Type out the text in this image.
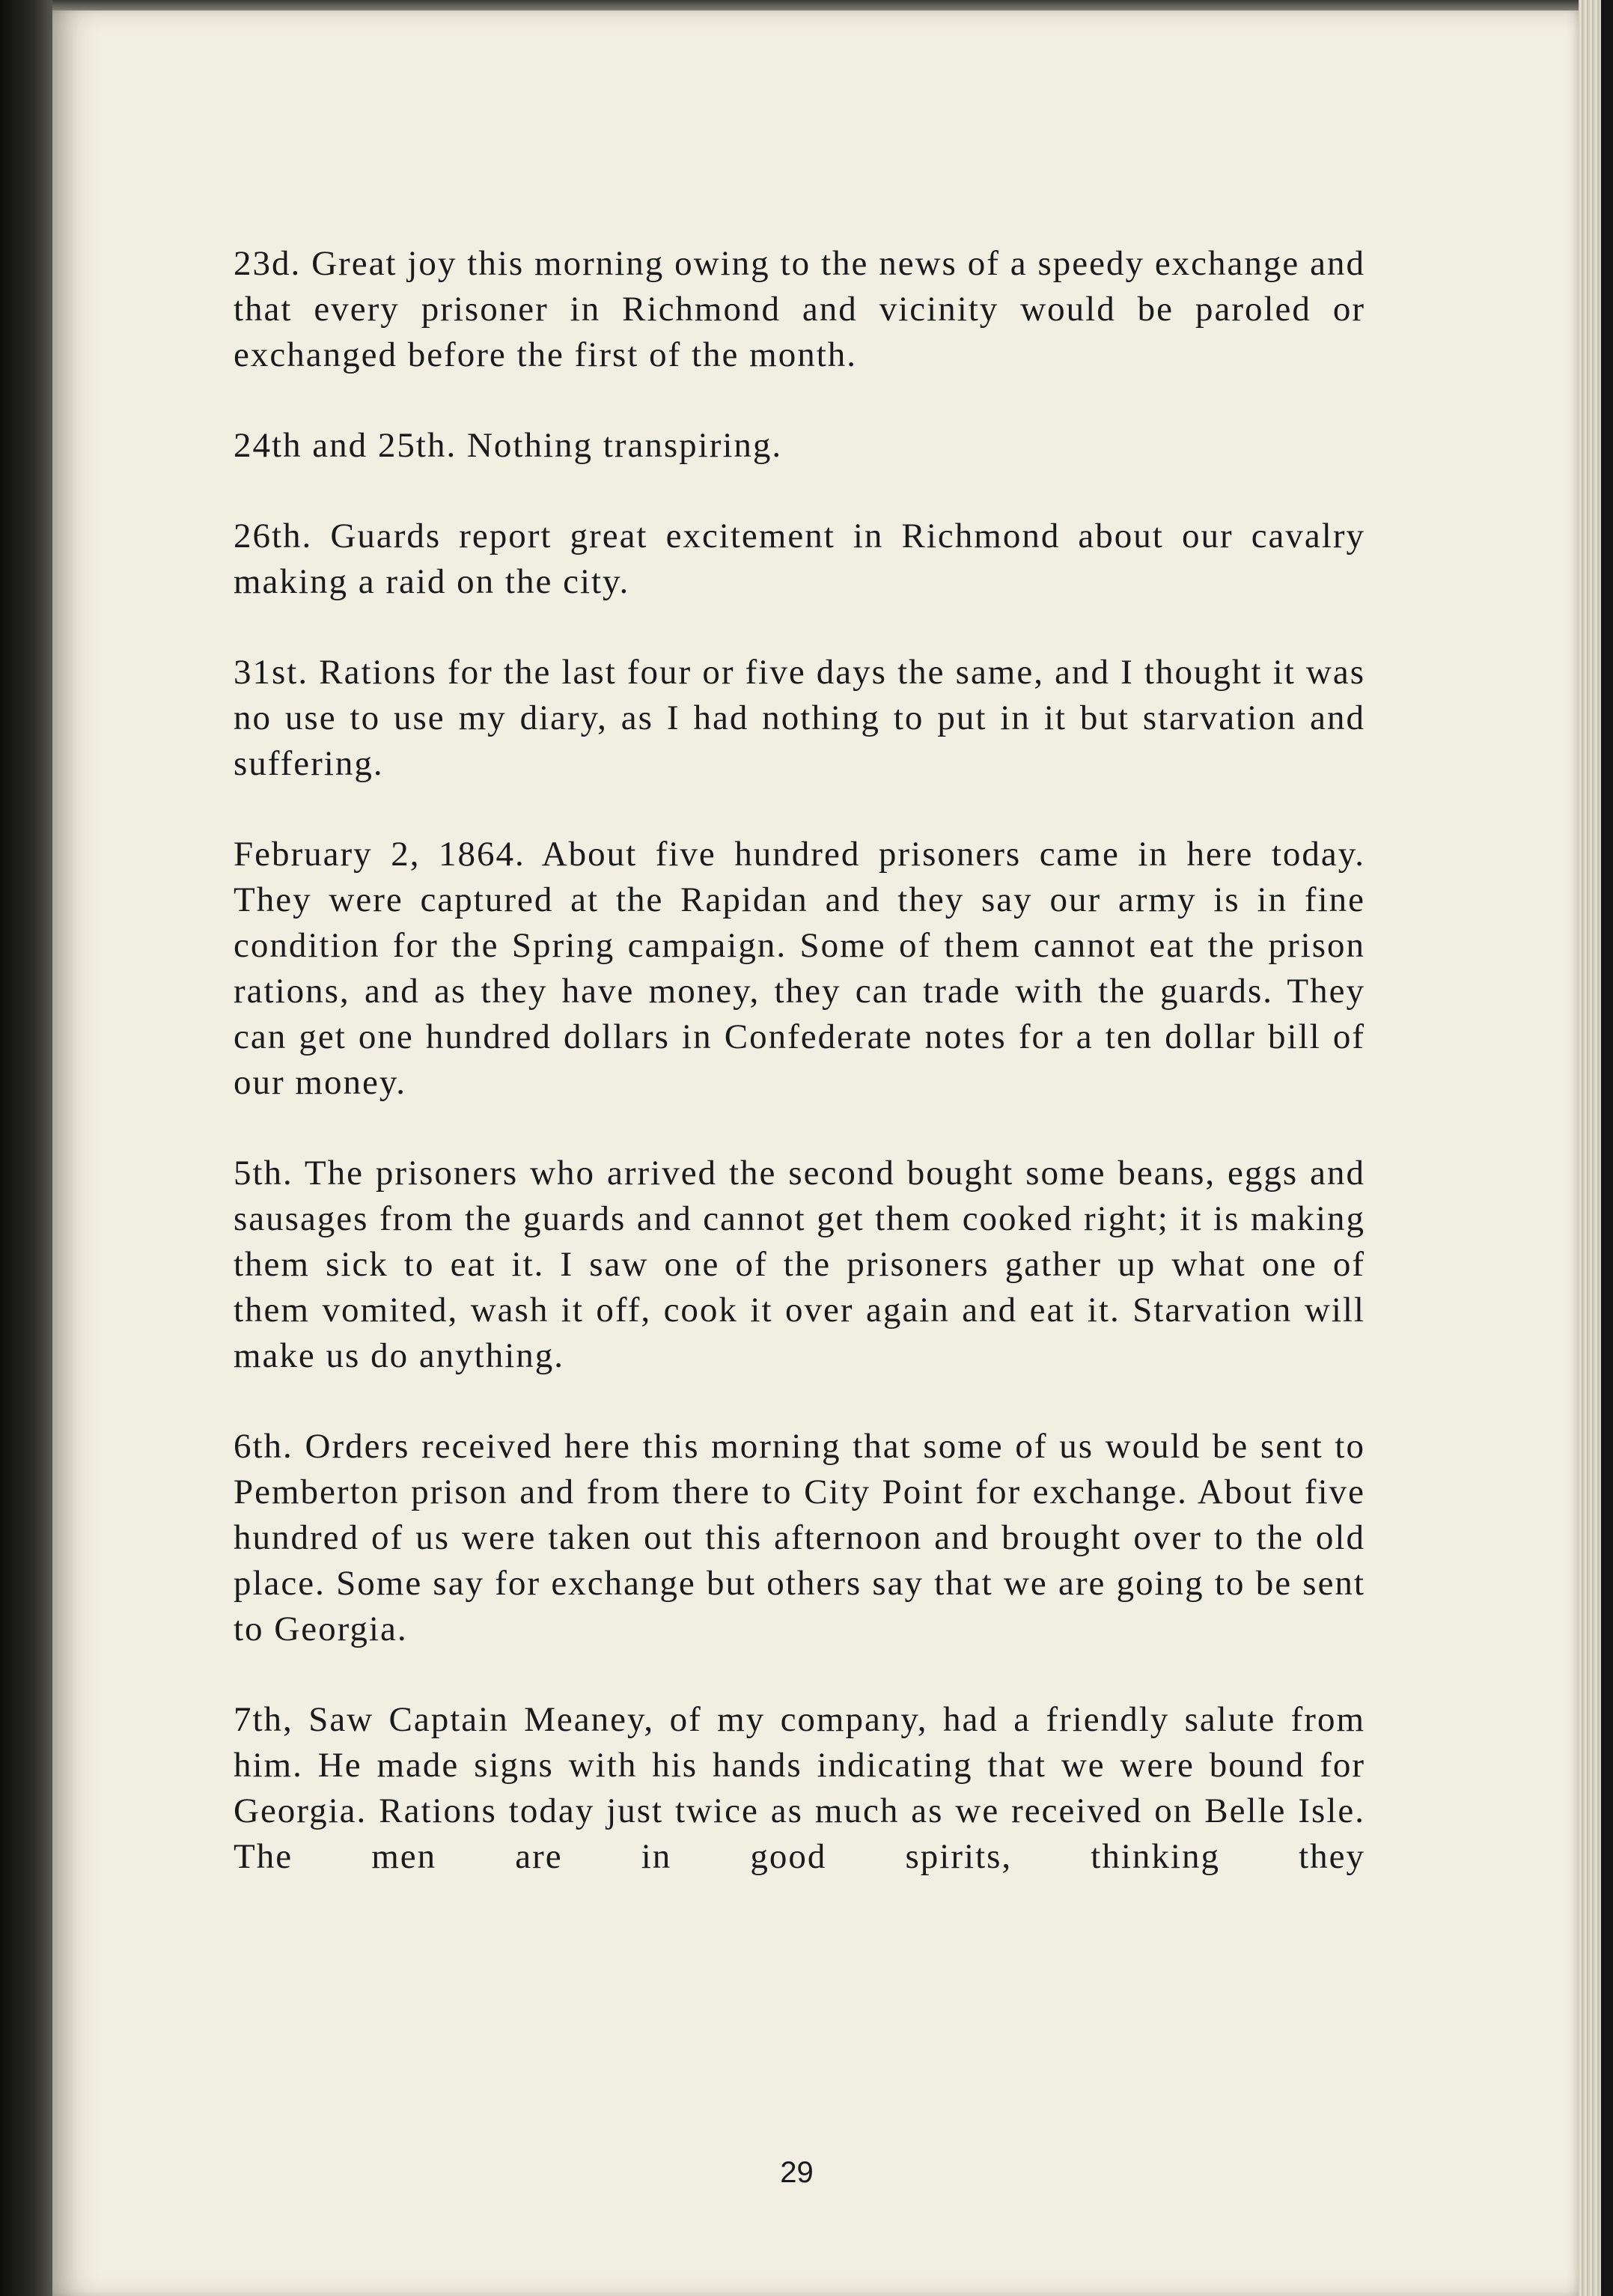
23d. Great joy this morning owing to the news of a speedy exchange and that every prisoner in Richmond and vicinity would be paroled or exchanged before the first of the month.

24th and 25th. Nothing transpiring.

26th. Guards report great excitement in Richmond about our cavalry making a raid on the city.

31st. Rations for the last four or five days the same, and I thought it was no use to use my diary, as I had nothing to put in it but starvation and suffering.

February 2, 1864. About five hundred prisoners came in here today. They were captured at the Rapidan and they say our army is in fine condition for the Spring campaign. Some of them cannot eat the prison rations, and as they have money, they can trade with the guards. They can get one hundred dollars in Confederate notes for a ten dollar bill of our money.

5th. The prisoners who arrived the second bought some beans, eggs and sausages from the guards and cannot get them cooked right; it is making them sick to eat it. I saw one of the prisoners gather up what one of them vomited, wash it off, cook it over again and eat it. Starvation will make us do anything.

6th. Orders received here this morning that some of us would be sent to Pemberton prison and from there to City Point for exchange. About five hundred of us were taken out this afternoon and brought over to the old place. Some say for exchange but others say that we are going to be sent to Georgia.

7th, Saw Captain Meaney, of my company, had a friendly salute from him. He made signs with his hands indicating that we were bound for Georgia. Rations today just twice as much as we received on Belle Isle. The men are in good spirits, thinking they

29
